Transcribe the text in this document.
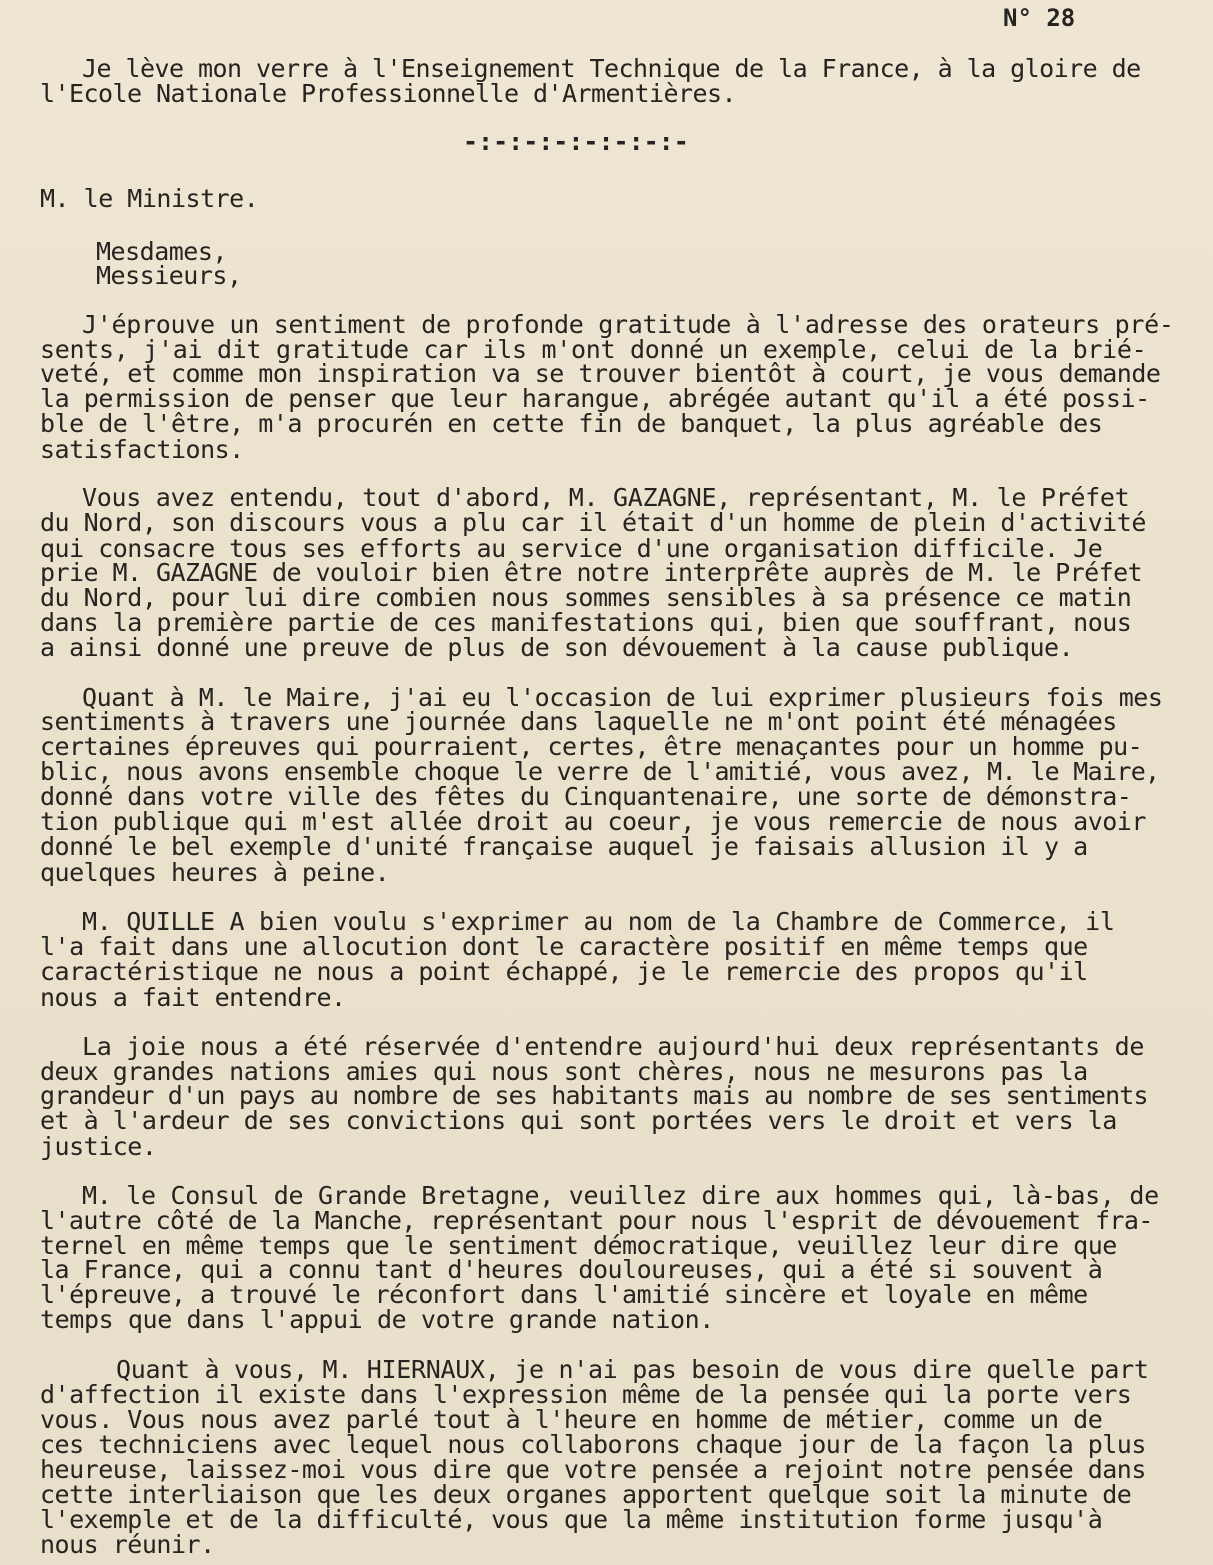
N° 28
Je lève mon verre à l'Enseignement Technique de la France, à la gloire de
l'Ecole Nationale Professionnelle d'Armentières.
-:-:-:-:-:-:-:-
M. le Ministre.
Mesdames,
Messieurs,
J'éprouve un sentiment de profonde gratitude à l'adresse des orateurs pré-
sents, j'ai dit gratitude car ils m'ont donné un exemple, celui de la brié-
veté, et comme mon inspiration va se trouver bientôt à court, je vous demande
la permission de penser que leur harangue, abrégée autant qu'il a été possi-
ble de l'être, m'a procurén en cette fin de banquet, la plus agréable des
satisfactions.
Vous avez entendu, tout d'abord, M. GAZAGNE, représentant, M. le Préfet
du Nord, son discours vous a plu car il était d'un homme de plein d'activité
qui consacre tous ses efforts au service d'une organisation difficile. Je
prie M. GAZAGNE de vouloir bien être notre interprête auprès de M. le Préfet
du Nord, pour lui dire combien nous sommes sensibles à sa présence ce matin
dans la première partie de ces manifestations qui, bien que souffrant, nous
a ainsi donné une preuve de plus de son dévouement à la cause publique.
Quant à M. le Maire, j'ai eu l'occasion de lui exprimer plusieurs fois mes
sentiments à travers une journée dans laquelle ne m'ont point été ménagées
certaines épreuves qui pourraient, certes, être menaçantes pour un homme pu-
blic, nous avons ensemble choque le verre de l'amitié, vous avez, M. le Maire,
donné dans votre ville des fêtes du Cinquantenaire, une sorte de démonstra-
tion publique qui m'est allée droit au coeur, je vous remercie de nous avoir
donné le bel exemple d'unité française auquel je faisais allusion il y a
quelques heures à peine.
M. QUILLE A bien voulu s'exprimer au nom de la Chambre de Commerce, il
l'a fait dans une allocution dont le caractère positif en même temps que
caractéristique ne nous a point échappé, je le remercie des propos qu'il
nous a fait entendre.
La joie nous a été réservée d'entendre aujourd'hui deux représentants de
deux grandes nations amies qui nous sont chères, nous ne mesurons pas la
grandeur d'un pays au nombre de ses habitants mais au nombre de ses sentiments
et à l'ardeur de ses convictions qui sont portées vers le droit et vers la
justice.
M. le Consul de Grande Bretagne, veuillez dire aux hommes qui, là-bas, de
l'autre côté de la Manche, représentant pour nous l'esprit de dévouement fra-
ternel en même temps que le sentiment démocratique, veuillez leur dire que
la France, qui a connu tant d'heures douloureuses, qui a été si souvent à
l'épreuve, a trouvé le réconfort dans l'amitié sincère et loyale en même
temps que dans l'appui de votre grande nation.
Quant à vous, M. HIERNAUX, je n'ai pas besoin de vous dire quelle part
d'affection il existe dans l'expression même de la pensée qui la porte vers
vous. Vous nous avez parlé tout à l'heure en homme de métier, comme un de
ces techniciens avec lequel nous collaborons chaque jour de la façon la plus
heureuse, laissez-moi vous dire que votre pensée a rejoint notre pensée dans
cette interliaison que les deux organes apportent quelque soit la minute de
l'exemple et de la difficulté, vous que la même institution forme jusqu'à
nous réunir.
